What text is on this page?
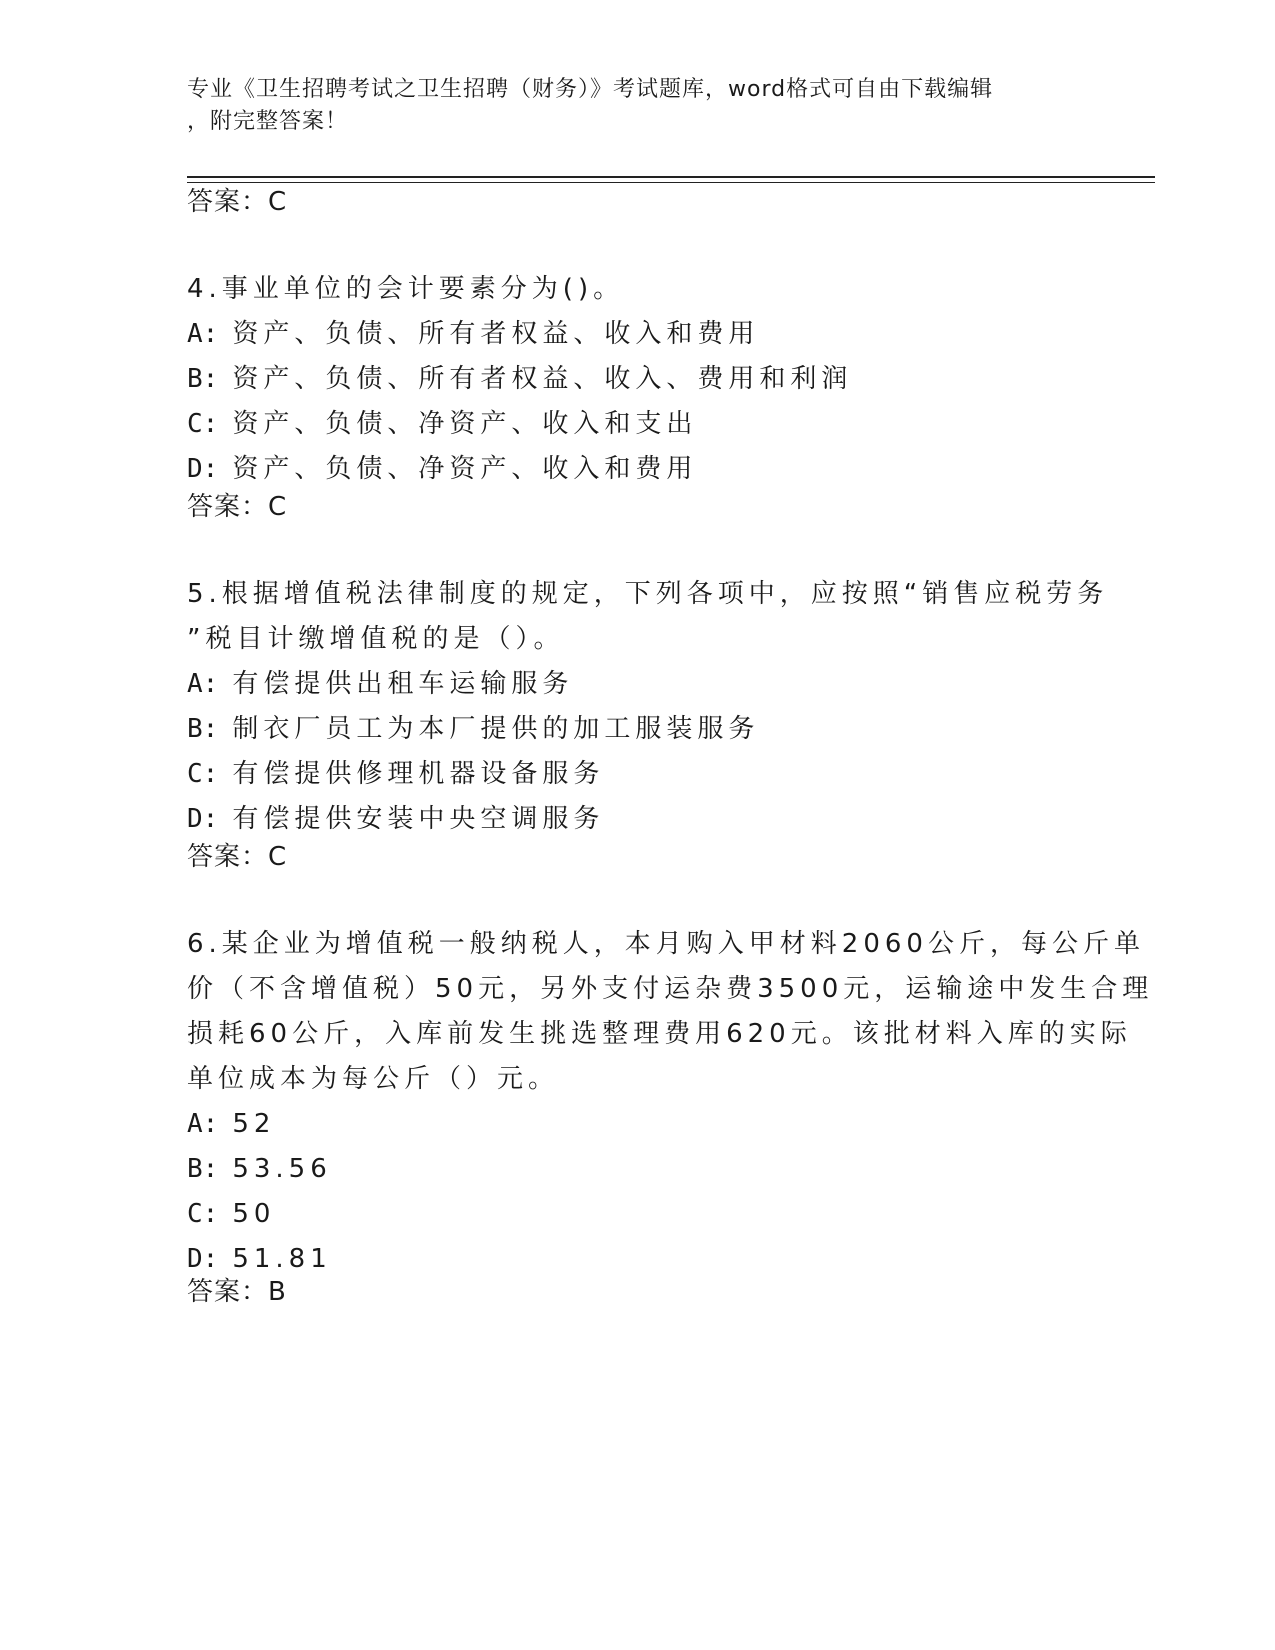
专业《卫生招聘考试之卫生招聘（财务）》考试题库，word格式可自由下载编辑
，附完整答案！
答案：C
4.事业单位的会计要素分为()。
A: 资产、负债、所有者权益、收入和费用
B: 资产、负债、所有者权益、收入、费用和利润
C: 资产、负债、净资产、收入和支出
D: 资产、负债、净资产、收入和费用
答案：C
5.根据增值税法律制度的规定，下列各项中，应按照“销售应税劳务
”税目计缴增值税的是（）。
A: 有偿提供出租车运输服务
B: 制衣厂员工为本厂提供的加工服装服务
C: 有偿提供修理机器设备服务
D: 有偿提供安装中央空调服务
答案：C
6.某企业为增值税一般纳税人，本月购入甲材料2060公斤，每公斤单
价（不含增值税）50元，另外支付运杂费3500元，运输途中发生合理
损耗60公斤，入库前发生挑选整理费用620元。该批材料入库的实际
单位成本为每公斤（）元。
A: 52
B: 53.56
C: 50
D: 51.81
答案：B
